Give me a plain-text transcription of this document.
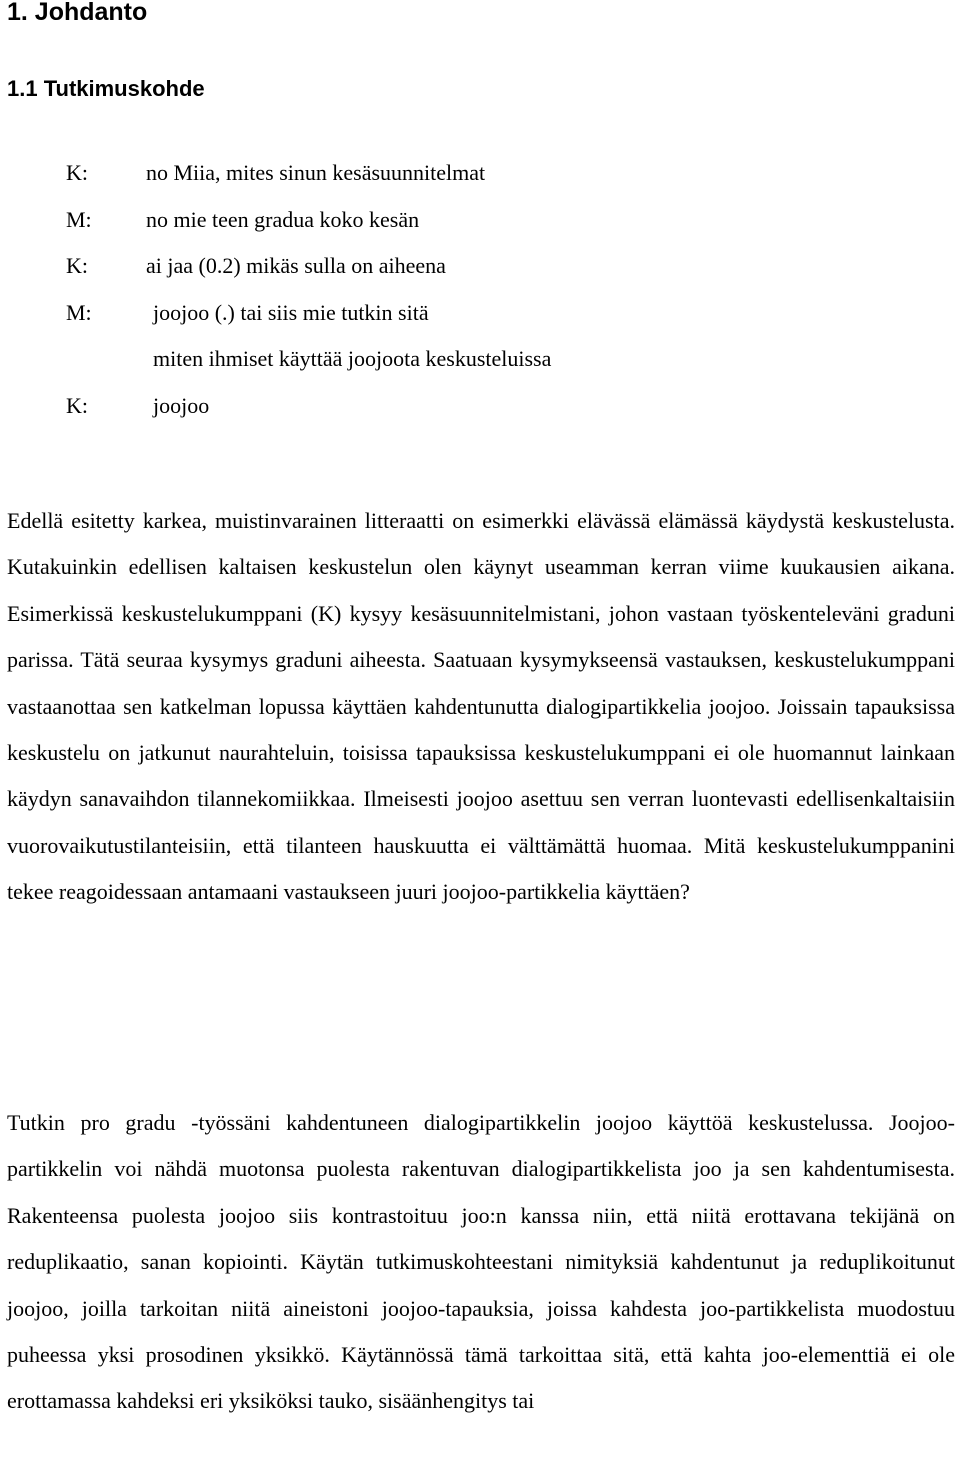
1. Johdanto
1.1 Tutkimuskohde
K:	no Miia, mites sinun kesäsuunnitelmat
M: no mie teen gradua koko kesän
K:	ai jaa (0.2) mikäs sulla on aiheena
M:	joojoo (.) tai siis mie tutkin sitä
miten ihmiset käyttää joojoota keskusteluissa
K:	joojoo

Edellä esitetty karkea, muistinvarainen litteraatti on esimerkki elävässä elämässä käydystä keskustelusta. Kutakuinkin edellisen kaltaisen keskustelun olen käynyt useamman kerran viime kuukausien aikana. Esimerkissä keskustelukumppani (K) kysyy kesäsuunnitelmistani, johon vastaan työskenteleväni graduni parissa. Tätä seuraa kysymys graduni aiheesta. Saatuaan kysymykseensä vastauksen, keskustelukumppani vastaanottaa sen katkelman lopussa käyttäen kahdentunutta dialogipartikkelia joojoo. Joissain tapauksissa keskustelu on jatkunut naurahteluin, toisissa tapauksissa keskustelukumppani ei ole huomannut lainkaan käydyn sanavaihdon tilannekomiikkaa. Ilmeisesti joojoo asettuu sen verran luontevasti edellisenkaltaisiin vuorovaikutustilanteisiin, että tilanteen hauskuutta ei välttämättä huomaa. Mitä keskustelukumppanini tekee reagoidessaan antamaani vastaukseen juuri joojoo-partikkelia käyttäen?

Tutkin pro gradu -työssäni kahdentuneen dialogipartikkelin joojoo käyttöä keskustelussa. Joojoo-partikkelin voi nähdä muotonsa puolesta rakentuvan dialogipartikkelista joo ja sen kahdentumisesta. Rakenteensa puolesta joojoo siis kontrastoituu joo:n kanssa niin, että niitä erottavana tekijänä on reduplikaatio, sanan kopiointi. Käytän tutkimuskohteestani nimityksiä kahdentunut ja reduplikoitunut joojoo, joilla tarkoitan niitä aineistoni joojoo-tapauksia, joissa kahdesta joo-partikkelista muodostuu puheessa yksi prosodinen yksikkö. Käytännössä tämä tarkoittaa sitä, että kahta joo-elementtiä ei ole erottamassa kahdeksi eri yksiköksi tauko, sisäänhengitys tai
